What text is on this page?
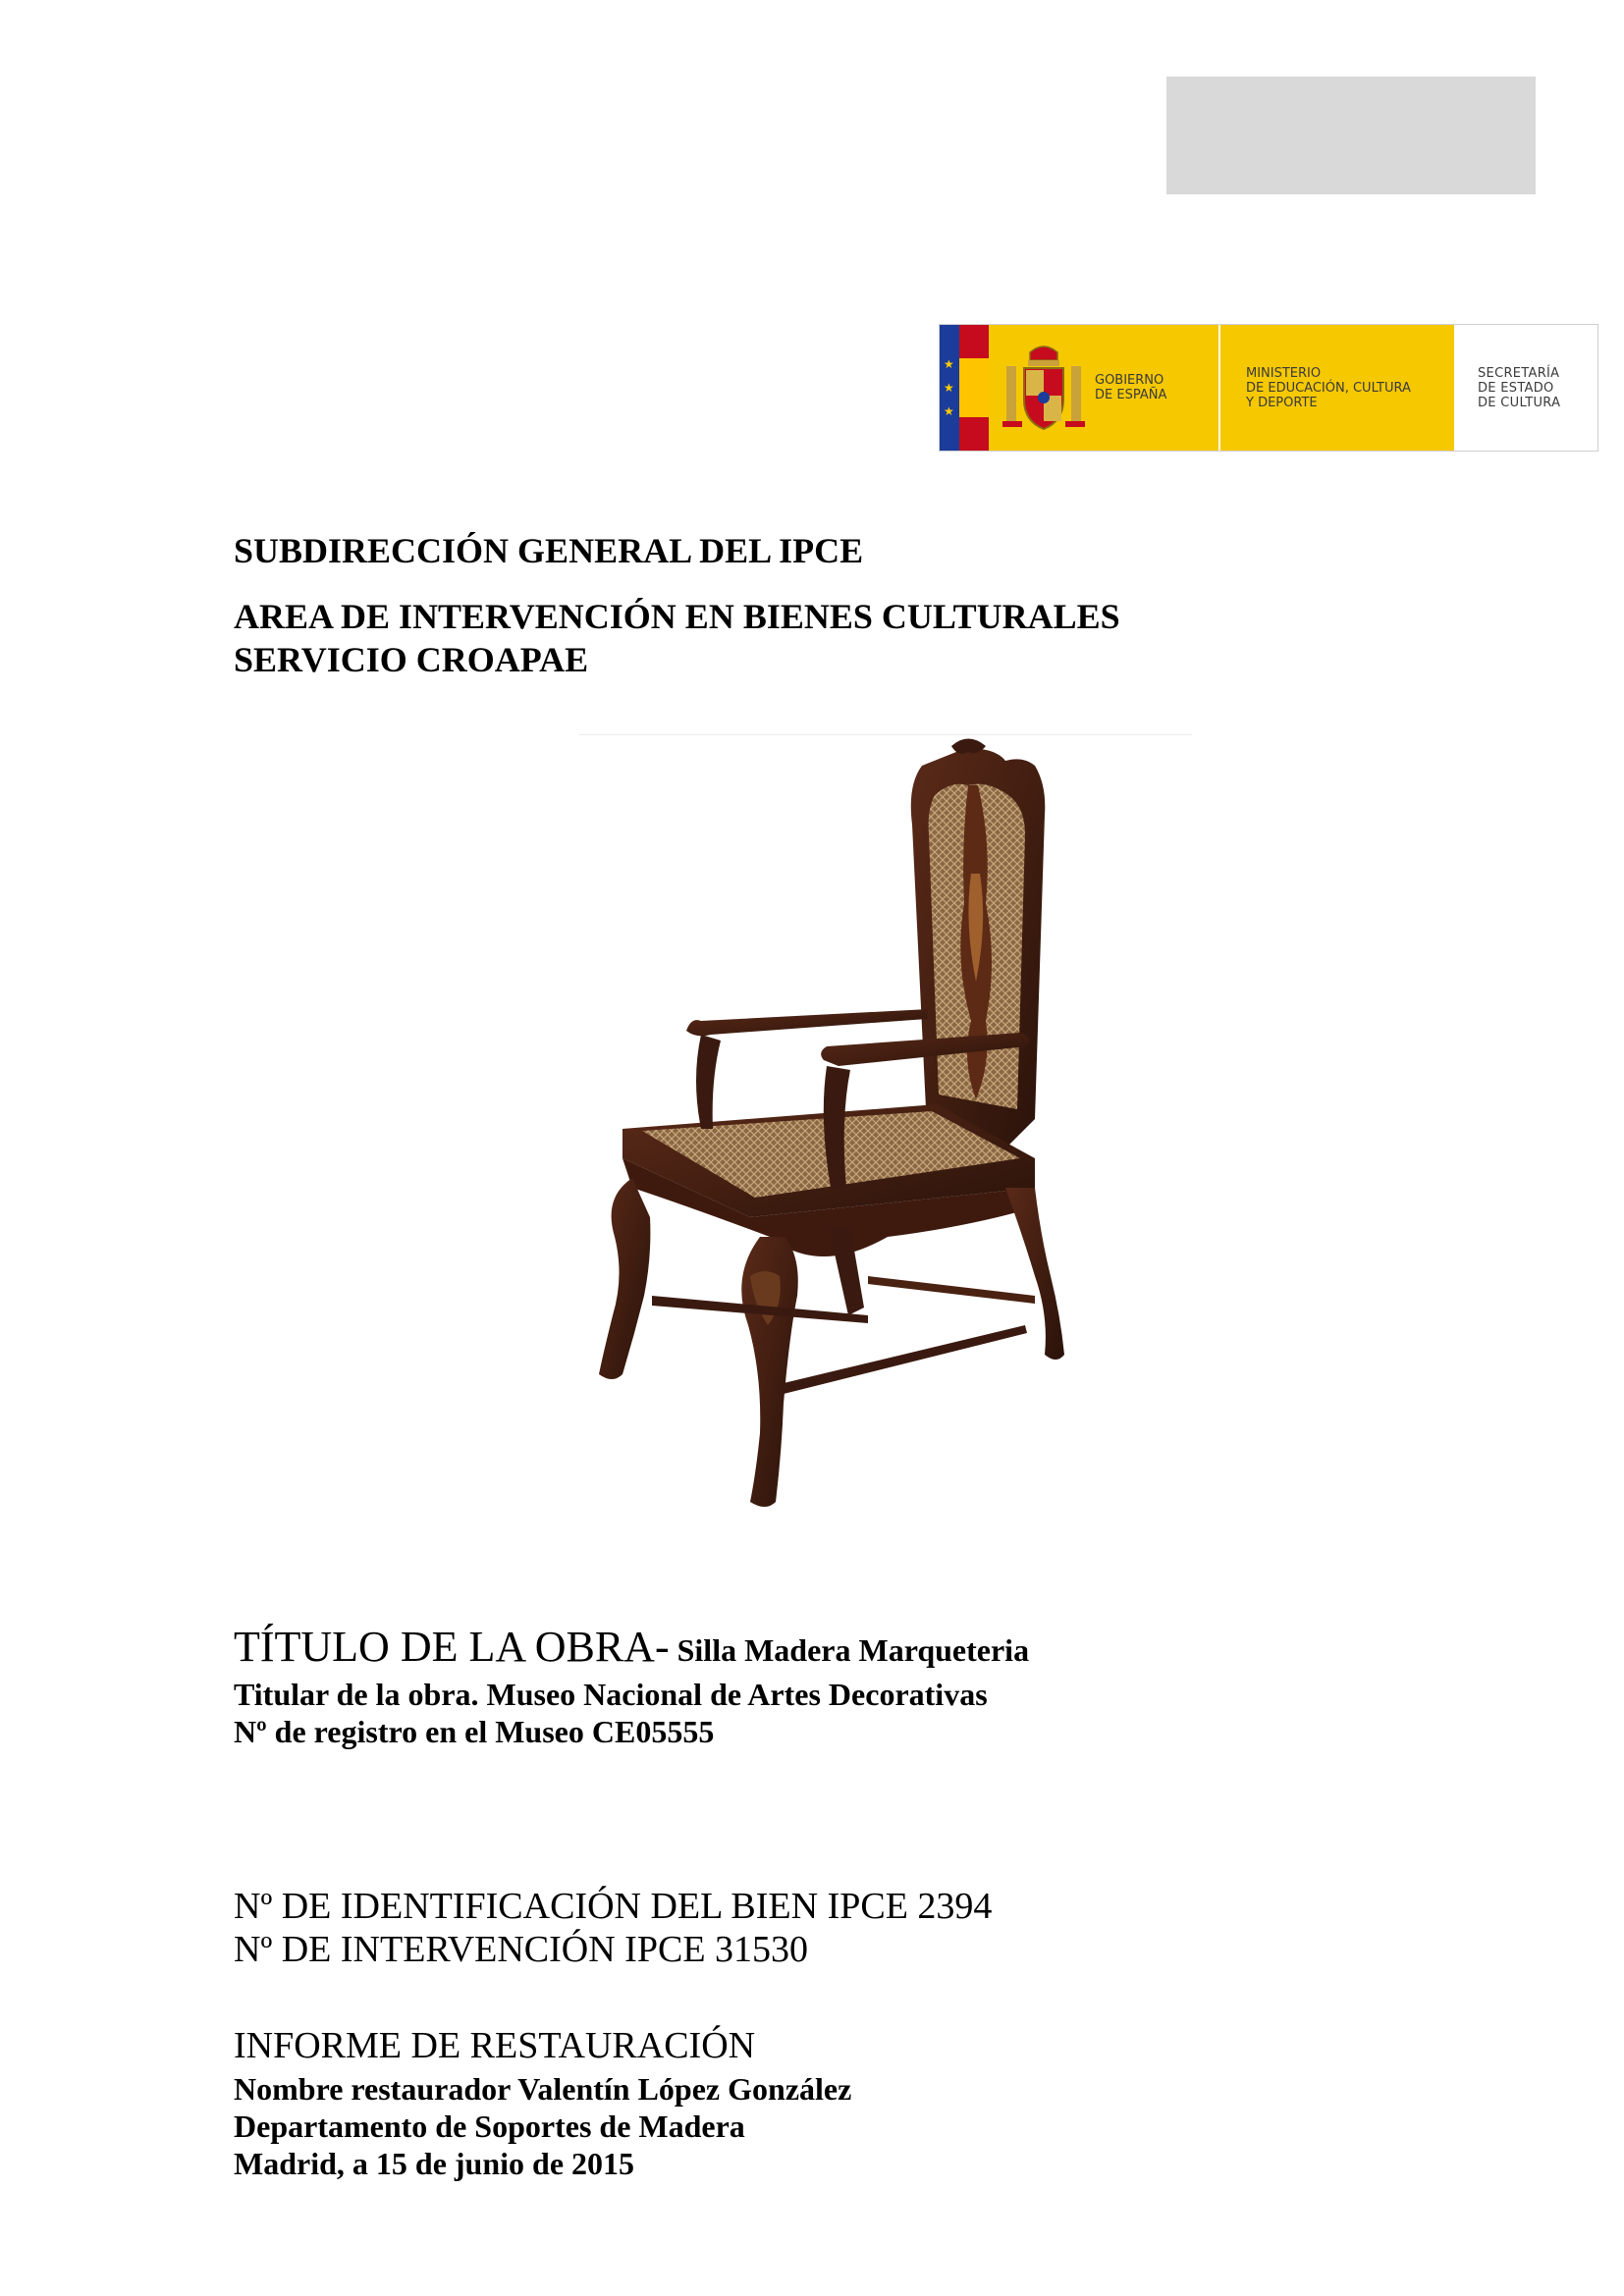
★
★
★
GOBIERNO
DE ESPAÑA
MINISTERIO
DE EDUCACIÓN, CULTURA
Y DEPORTE
SECRETARÍA
DE ESTADO
DE CULTURA
SUBDIRECCIÓN GENERAL DEL IPCE
AREA DE INTERVENCIÓN EN BIENES CULTURALES
SERVICIO CROAPAE
TÍTULO DE LA OBRA- Silla Madera Marqueteria
Titular de la obra. Museo Nacional de Artes Decorativas
Nº de registro en el Museo CE05555
Nº DE IDENTIFICACIÓN DEL BIEN IPCE 2394
Nº DE INTERVENCIÓN IPCE 31530
INFORME DE RESTAURACIÓN
Nombre restaurador Valentín López González
Departamento de Soportes de Madera
Madrid, a 15 de junio de 2015
